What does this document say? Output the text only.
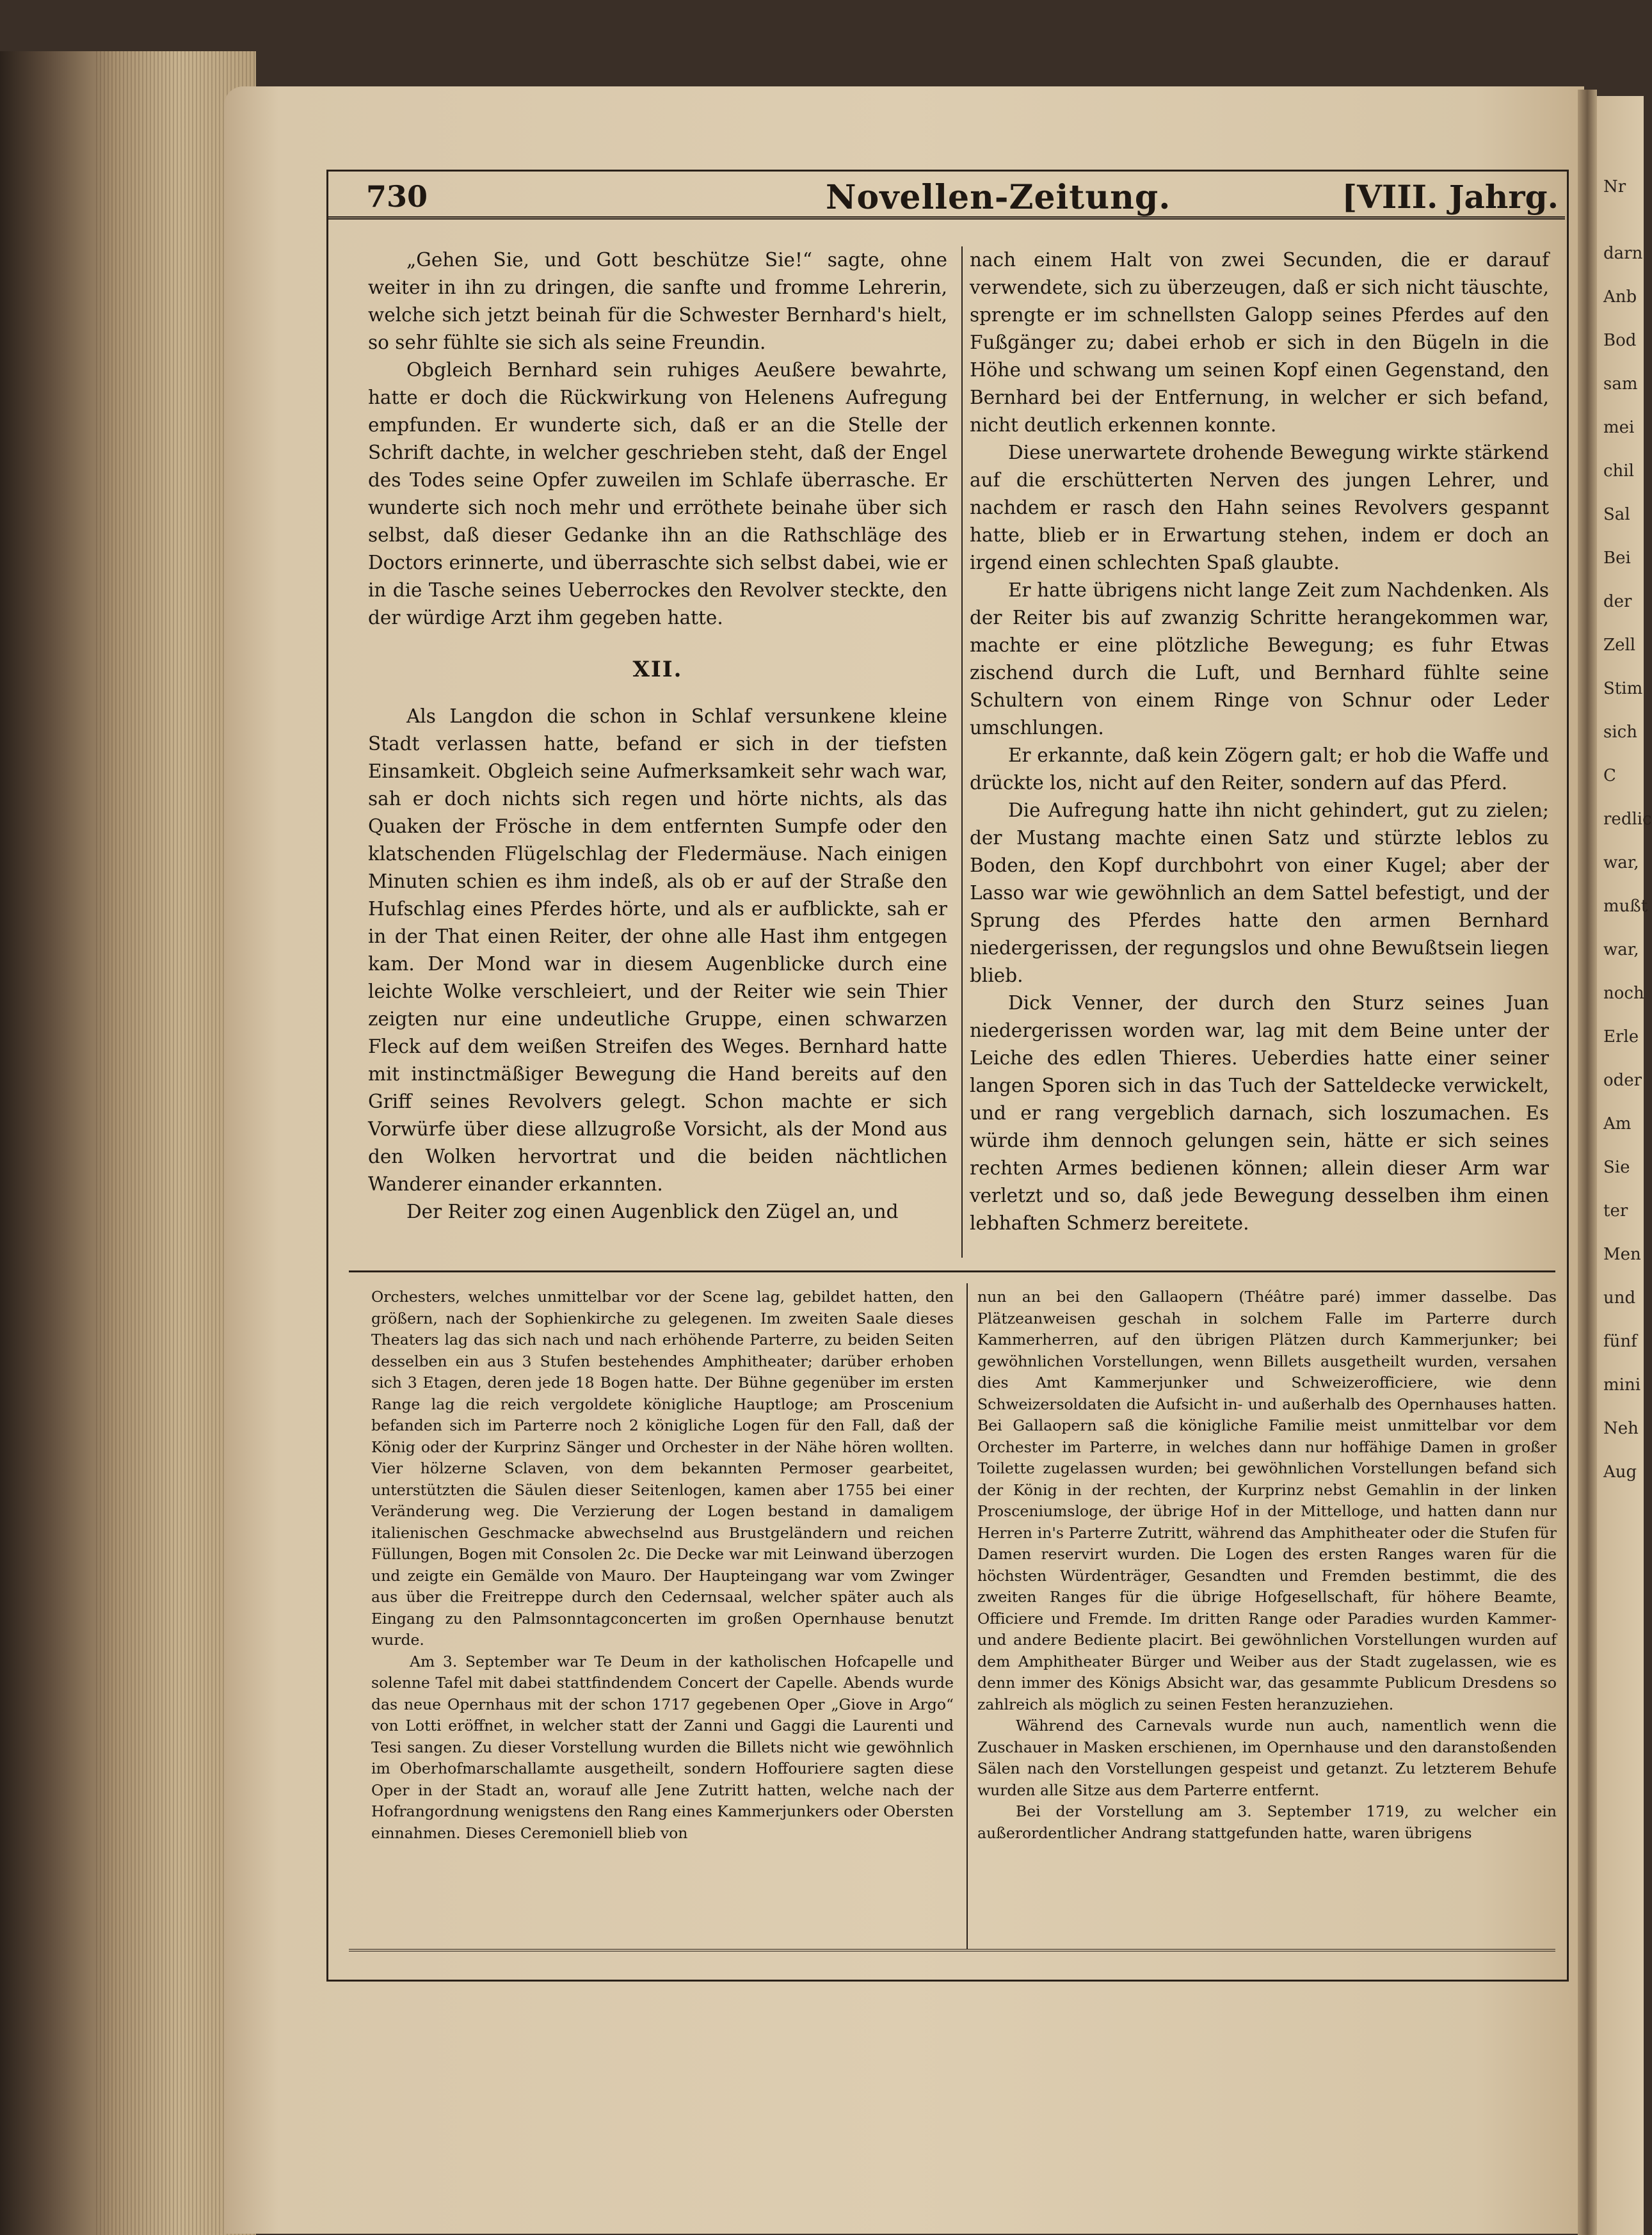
Nr
darn
Anb
Bod
sam
mei
chil
Sal
Bei
der
Zell
Stim
sich
C
redlic
war,
mußt
war,
noch
Erle
oder
Am
Sie
ter
Men
und
fünf
mini
Neh
Aug
730	Novellen-Zeitung.	[VIII. Jahrg.

„Gehen Sie, und Gott beschütze Sie!“ sagte, ohne weiter in ihn zu dringen, die sanfte und fromme Lehrerin, welche sich jetzt beinah für die Schwester Bernhard's hielt, so sehr fühlte sie sich als seine Freundin.

Obgleich Bernhard sein ruhiges Aeußere bewahrte, hatte er doch die Rückwirkung von Helenens Aufregung empfunden. Er wunderte sich, daß er an die Stelle der Schrift dachte, in welcher geschrieben steht, daß der Engel des Todes seine Opfer zuweilen im Schlafe überrasche. Er wunderte sich noch mehr und erröthete beinahe über sich selbst, daß dieser Gedanke ihn an die Rathschläge des Doctors erinnerte, und überraschte sich selbst dabei, wie er in die Tasche seines Ueberrockes den Revolver steckte, den der würdige Arzt ihm gegeben hatte.

XII.

Als Langdon die schon in Schlaf versunkene kleine Stadt verlassen hatte, befand er sich in der tiefsten Einsamkeit. Obgleich seine Aufmerksamkeit sehr wach war, sah er doch nichts sich regen und hörte nichts, als das Quaken der Frösche in dem entfernten Sumpfe oder den klatschenden Flügelschlag der Fledermäuse. Nach einigen Minuten schien es ihm indeß, als ob er auf der Straße den Hufschlag eines Pferdes hörte, und als er aufblickte, sah er in der That einen Reiter, der ohne alle Hast ihm entgegen kam. Der Mond war in diesem Augenblicke durch eine leichte Wolke verschleiert, und der Reiter wie sein Thier zeigten nur eine undeutliche Gruppe, einen schwarzen Fleck auf dem weißen Streifen des Weges. Bernhard hatte mit instinctmäßiger Bewegung die Hand bereits auf den Griff seines Revolvers gelegt. Schon machte er sich Vorwürfe über diese allzugroße Vorsicht, als der Mond aus den Wolken hervortrat und die beiden nächtlichen Wanderer einander erkannten.

Der Reiter zog einen Augenblick den Zügel an, und

nach einem Halt von zwei Secunden, die er darauf verwendete, sich zu überzeugen, daß er sich nicht täuschte, sprengte er im schnellsten Galopp seines Pferdes auf den Fußgänger zu; dabei erhob er sich in den Bügeln in die Höhe und schwang um seinen Kopf einen Gegenstand, den Bernhard bei der Entfernung, in welcher er sich befand, nicht deutlich erkennen konnte.

Diese unerwartete drohende Bewegung wirkte stärkend auf die erschütterten Nerven des jungen Lehrer, und nachdem er rasch den Hahn seines Revolvers gespannt hatte, blieb er in Erwartung stehen, indem er doch an irgend einen schlechten Spaß glaubte.

Er hatte übrigens nicht lange Zeit zum Nachdenken. Als der Reiter bis auf zwanzig Schritte herangekommen war, machte er eine plötzliche Bewegung; es fuhr Etwas zischend durch die Luft, und Bernhard fühlte seine Schultern von einem Ringe von Schnur oder Leder umschlungen.

Er erkannte, daß kein Zögern galt; er hob die Waffe und drückte los, nicht auf den Reiter, sondern auf das Pferd.

Die Aufregung hatte ihn nicht gehindert, gut zu zielen; der Mustang machte einen Satz und stürzte leblos zu Boden, den Kopf durchbohrt von einer Kugel; aber der Lasso war wie gewöhnlich an dem Sattel befestigt, und der Sprung des Pferdes hatte den armen Bernhard niedergerissen, der regungslos und ohne Bewußtsein liegen blieb.

Dick Venner, der durch den Sturz seines Juan niedergerissen worden war, lag mit dem Beine unter der Leiche des edlen Thieres. Ueberdies hatte einer seiner langen Sporen sich in das Tuch der Satteldecke verwickelt, und er rang vergeblich darnach, sich loszumachen. Es würde ihm dennoch gelungen sein, hätte er sich seines rechten Armes bedienen können; allein dieser Arm war verletzt und so, daß jede Bewegung desselben ihm einen lebhaften Schmerz bereitete.

Orchesters, welches unmittelbar vor der Scene lag, gebildet hatten, den größern, nach der Sophienkirche zu gelegenen. Im zweiten Saale dieses Theaters lag das sich nach und nach erhöhende Parterre, zu beiden Seiten desselben ein aus 3 Stufen bestehendes Amphitheater; darüber erhoben sich 3 Etagen, deren jede 18 Bogen hatte. Der Bühne gegenüber im ersten Range lag die reich vergoldete königliche Hauptloge; am Proscenium befanden sich im Parterre noch 2 königliche Logen für den Fall, daß der König oder der Kurprinz Sänger und Orchester in der Nähe hören wollten. Vier hölzerne Sclaven, von dem bekannten Permoser gearbeitet, unterstützten die Säulen dieser Seitenlogen, kamen aber 1755 bei einer Veränderung weg. Die Verzierung der Logen bestand in damaligem italienischen Geschmacke abwechselnd aus Brustgeländern und reichen Füllungen, Bogen mit Consolen 2c. Die Decke war mit Leinwand überzogen und zeigte ein Gemälde von Mauro. Der Haupteingang war vom Zwinger aus über die Freitreppe durch den Cedernsaal, welcher später auch als Eingang zu den Palmsonntagconcerten im großen Opernhause benutzt wurde.

Am 3. September war Te Deum in der katholischen Hofcapelle und solenne Tafel mit dabei stattfindendem Concert der Capelle. Abends wurde das neue Opernhaus mit der schon 1717 gegebenen Oper „Giove in Argo“ von Lotti eröffnet, in welcher statt der Zanni und Gaggi die Laurenti und Tesi sangen. Zu dieser Vorstellung wurden die Billets nicht wie gewöhnlich im Oberhofmarschallamte ausgetheilt, sondern Hoffouriere sagten diese Oper in der Stadt an, worauf alle Jene Zutritt hatten, welche nach der Hofrangordnung wenigstens den Rang eines Kammerjunkers oder Obersten einnahmen. Dieses Ceremoniell blieb von

nun an bei den Gallaopern (Théâtre paré) immer dasselbe. Das Plätzeanweisen geschah in solchem Falle im Parterre durch Kammerherren, auf den übrigen Plätzen durch Kammerjunker; bei gewöhnlichen Vorstellungen, wenn Billets ausgetheilt wurden, versahen dies Amt Kammerjunker und Schweizerofficiere, wie denn Schweizersoldaten die Aufsicht in- und außerhalb des Opernhauses hatten. Bei Gallaopern saß die königliche Familie meist unmittelbar vor dem Orchester im Parterre, in welches dann nur hoffähige Damen in großer Toilette zugelassen wurden; bei gewöhnlichen Vorstellungen befand sich der König in der rechten, der Kurprinz nebst Gemahlin in der linken Prosceniumsloge, der übrige Hof in der Mittelloge, und hatten dann nur Herren in's Parterre Zutritt, während das Amphitheater oder die Stufen für Damen reservirt wurden. Die Logen des ersten Ranges waren für die höchsten Würdenträger, Gesandten und Fremden bestimmt, die des zweiten Ranges für die übrige Hofgesellschaft, für höhere Beamte, Officiere und Fremde. Im dritten Range oder Paradies wurden Kammer- und andere Bediente placirt. Bei gewöhnlichen Vorstellungen wurden auf dem Amphitheater Bürger und Weiber aus der Stadt zugelassen, wie es denn immer des Königs Absicht war, das gesammte Publicum Dresdens so zahlreich als möglich zu seinen Festen heranzuziehen.

Während des Carnevals wurde nun auch, namentlich wenn die Zuschauer in Masken erschienen, im Opernhause und den daranstoßenden Sälen nach den Vorstellungen gespeist und getanzt. Zu letzterem Behufe wurden alle Sitze aus dem Parterre entfernt.

Bei der Vorstellung am 3. September 1719, zu welcher ein außerordentlicher Andrang stattgefunden hatte, waren übrigens
